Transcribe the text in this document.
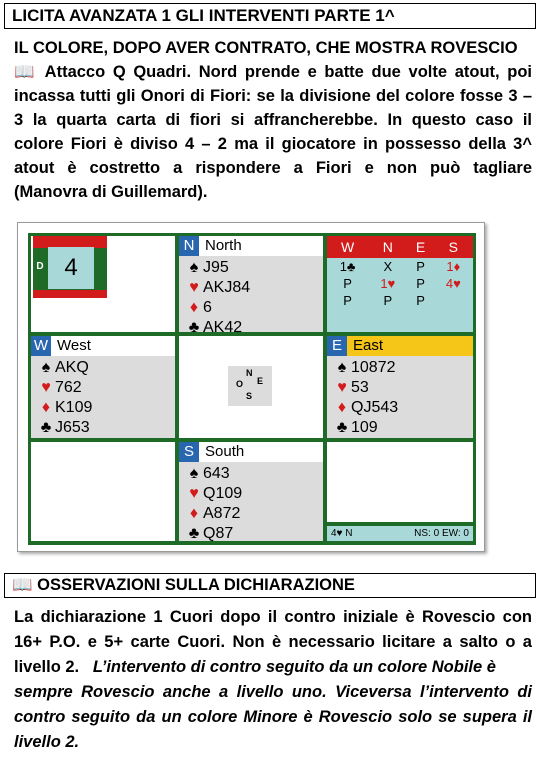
LICITA AVANZATA 1 GLI INTERVENTI PARTE 1^
IL COLORE, DOPO AVER CONTRATO, CHE MOSTRA ROVESCIO
📖 Attacco Q Quadri. Nord prende e batte due volte atout, poi
incassa tutti gli Onori di Fiori: se la divisione del colore fosse 3 –
3 la quarta carta di fiori si affrancherebbe. In questo caso il
colore Fiori è diviso 4 – 2 ma il giocatore in possesso della 3^
atout è costretto a rispondere a Fiori e non può tagliare
(Manovra di Guillemard).
D 4
N North
♠ J95
♥ AKJ84
♦ 6
♣ AK42
W	N	E	S
1♣	X	P	1♦
P	1♥	P	4♥
P	P	P	
W West
♠ AKQ
♥ 762
♦ K109
♣ J653
N
O E
S
E East
♠ 10872
♥ 53
♦ QJ543
♣ 109
S South
♠ 643
♥ Q109
♦ A872
♣ Q87	4♥ N	NS: 0 EW: 0
📖 OSSERVAZIONI SULLA DICHIARAZIONE
La dichiarazione 1 Cuori dopo il contro iniziale è Rovescio con
16+ P.O. e 5+ carte Cuori. Non è necessario licitare a salto o a
livello 2. L’intervento di contro seguito da un colore Nobile è
sempre Rovescio anche a livello uno. Viceversa l’intervento di
contro seguito da un colore Minore è Rovescio solo se supera il
livello 2.
